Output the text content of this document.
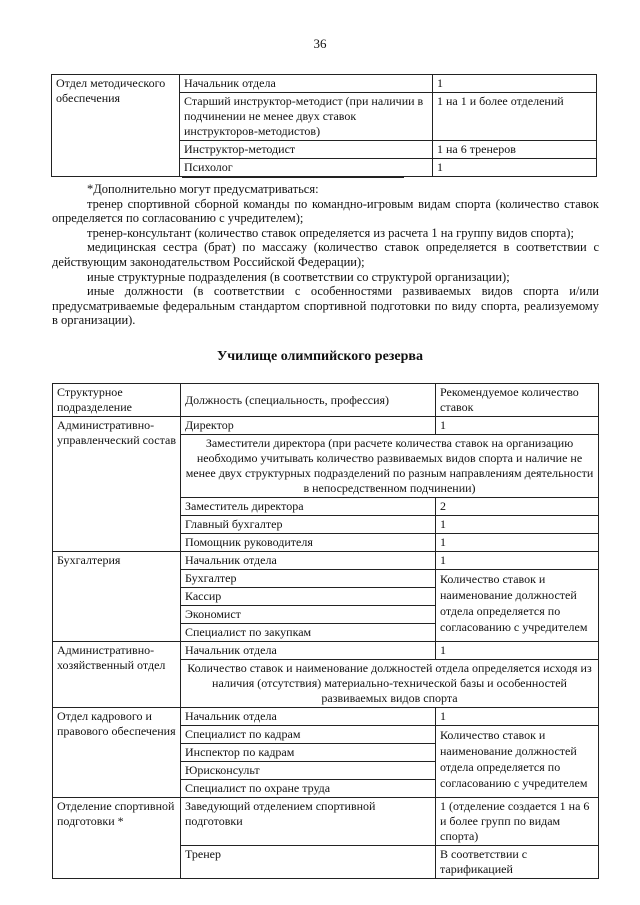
36
Отдел методического обеспечения	Начальник отдела	1
	Старший инструктор-методист (при наличии в подчинении не менее двух ставок инструкторов-методистов)	1 на 1 и более отделений
	Инструктор-методист	1 на 6 тренеров
	Психолог	1

*Дополнительно могут предусматриваться:

тренер спортивной сборной команды по командно-игровым видам спорта (количество ставок определяется по согласованию с учредителем);

тренер-консультант (количество ставок определяется из расчета 1 на группу видов спорта);

медицинская сестра (брат) по массажу (количество ставок определяется в соответствии с действующим законодательством Российской Федерации);

иные структурные подразделения (в соответствии со структурой организации);

иные должности (в соответствии с особенностями развиваемых видов спорта и/или предусматриваемые федеральным стандартом спортивной подготовки по виду спорта, реализуемому в организации).

Училище олимпийского резерва
Структурное подразделение	Должность (специальность, профессия)	Рекомендуемое количество ставок
Административно-управленческий состав	Директор	1
	Заместители директора (при расчете количества ставок на организацию необходимо учитывать количество развиваемых видов спорта и наличие не менее двух структурных подразделений по разным направлениям деятельности в непосредственном подчинении)	
	Заместитель директора	2
	Главный бухгалтер	1
	Помощник руководителя	1
Бухгалтерия	Начальник отдела	1
	Бухгалтер	Количество ставок и наименование должностей отдела определяется по согласованию с учредителем
	Кассир	
	Экономист	
	Специалист по закупкам	
Административно-хозяйственный отдел	Начальник отдела	1
	Количество ставок и наименование должностей отдела определяется исходя из наличия (отсутствия) материально-технической базы и особенностей развиваемых видов спорта	
Отдел кадрового и правового обеспечения	Начальник отдела	1
	Специалист по кадрам	Количество ставок и наименование должностей отдела определяется по согласованию с учредителем
	Инспектор по кадрам	
	Юрисконсульт	
	Специалист по охране труда	
Отделение спортивной подготовки *	Заведующий отделением спортивной подготовки	1 (отделение создается 1 на 6 и более групп по видам спорта)
	Тренер	В соответствии с тарификацией
